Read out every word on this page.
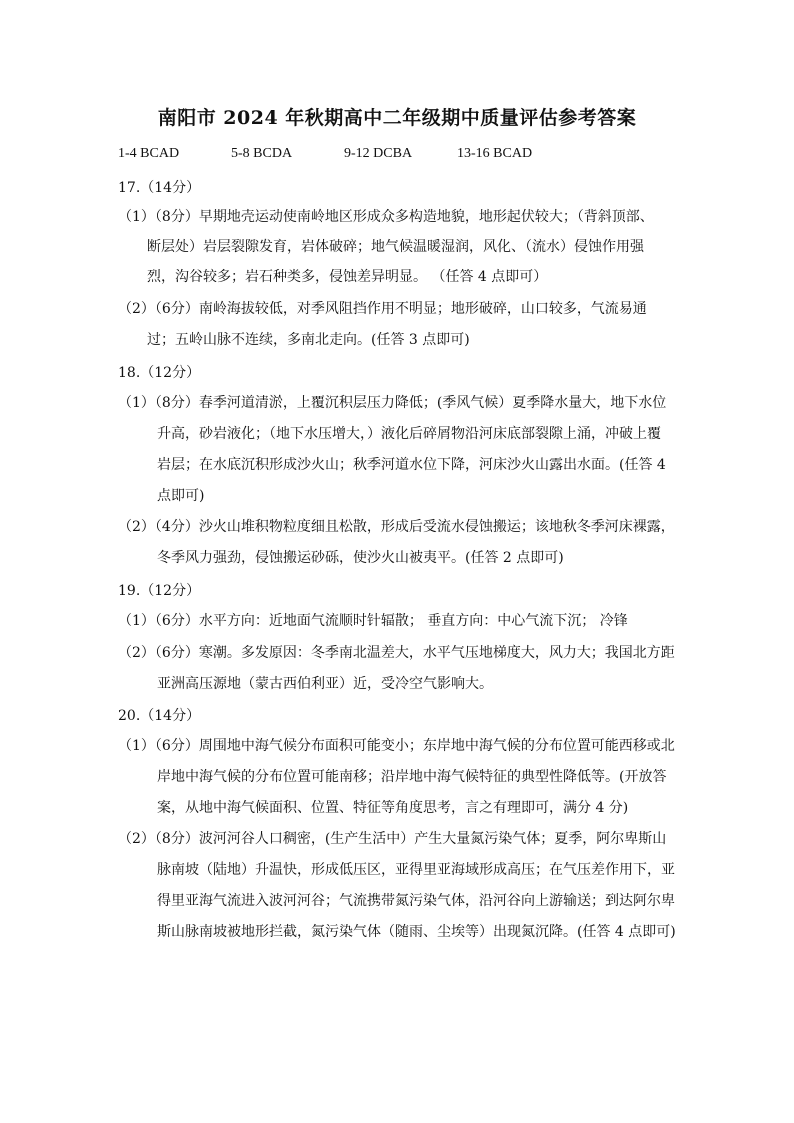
南阳市 2024 年秋期高中二年级期中质量评估参考答案
1-4 BCAD	5-8 BCDA	9-12 DCBA	13-16 BCAD
17.（14分）
（1）（8分）早期地壳运动使南岭地区形成众多构造地貌，地形起伏较大；（背斜顶部、
断层处）岩层裂隙发育，岩体破碎；地气候温暖湿润，风化、（流水）侵蚀作用强
烈，沟谷较多；岩石种类多，侵蚀差异明显。 （任答 4 点即可）
（2）（6分）南岭海拔较低，对季风阻挡作用不明显；地形破碎，山口较多，气流易通
过；五岭山脉不连续，多南北走向。(任答 3 点即可)
18.（12分）
（1）（8分）春季河道清淤，上覆沉积层压力降低；(季风气候）夏季降水量大，地下水位
升高，砂岩液化；（地下水压增大，）液化后碎屑物沿河床底部裂隙上涌，冲破上覆
岩层；在水底沉积形成沙火山；秋季河道水位下降，河床沙火山露出水面。(任答 4
点即可)
（2）（4分）沙火山堆积物粒度细且松散，形成后受流水侵蚀搬运；该地秋冬季河床裸露，
冬季风力强劲，侵蚀搬运砂砾，使沙火山被夷平。(任答 2 点即可)
19.（12分）
（1）（6分）水平方向：近地面气流顺时针辐散； 垂直方向：中心气流下沉； 冷锋
（2）（6分）寒潮。多发原因：冬季南北温差大，水平气压地梯度大，风力大；我国北方距
亚洲高压源地（蒙古西伯利亚）近，受冷空气影响大。
20.（14分）
（1）（6分）周围地中海气候分布面积可能变小；东岸地中海气候的分布位置可能西移或北
岸地中海气候的分布位置可能南移；沿岸地中海气候特征的典型性降低等。(开放答
案，从地中海气候面积、位置、特征等角度思考，言之有理即可，满分 4 分)
（2）（8分）波河河谷人口稠密，(生产生活中）产生大量氮污染气体；夏季，阿尔卑斯山
脉南坡（陆地）升温快，形成低压区，亚得里亚海域形成高压；在气压差作用下，亚
得里亚海气流进入波河河谷；气流携带氮污染气体，沿河谷向上游输送；到达阿尔卑
斯山脉南坡被地形拦截，氮污染气体（随雨、尘埃等）出现氮沉降。(任答 4 点即可)
